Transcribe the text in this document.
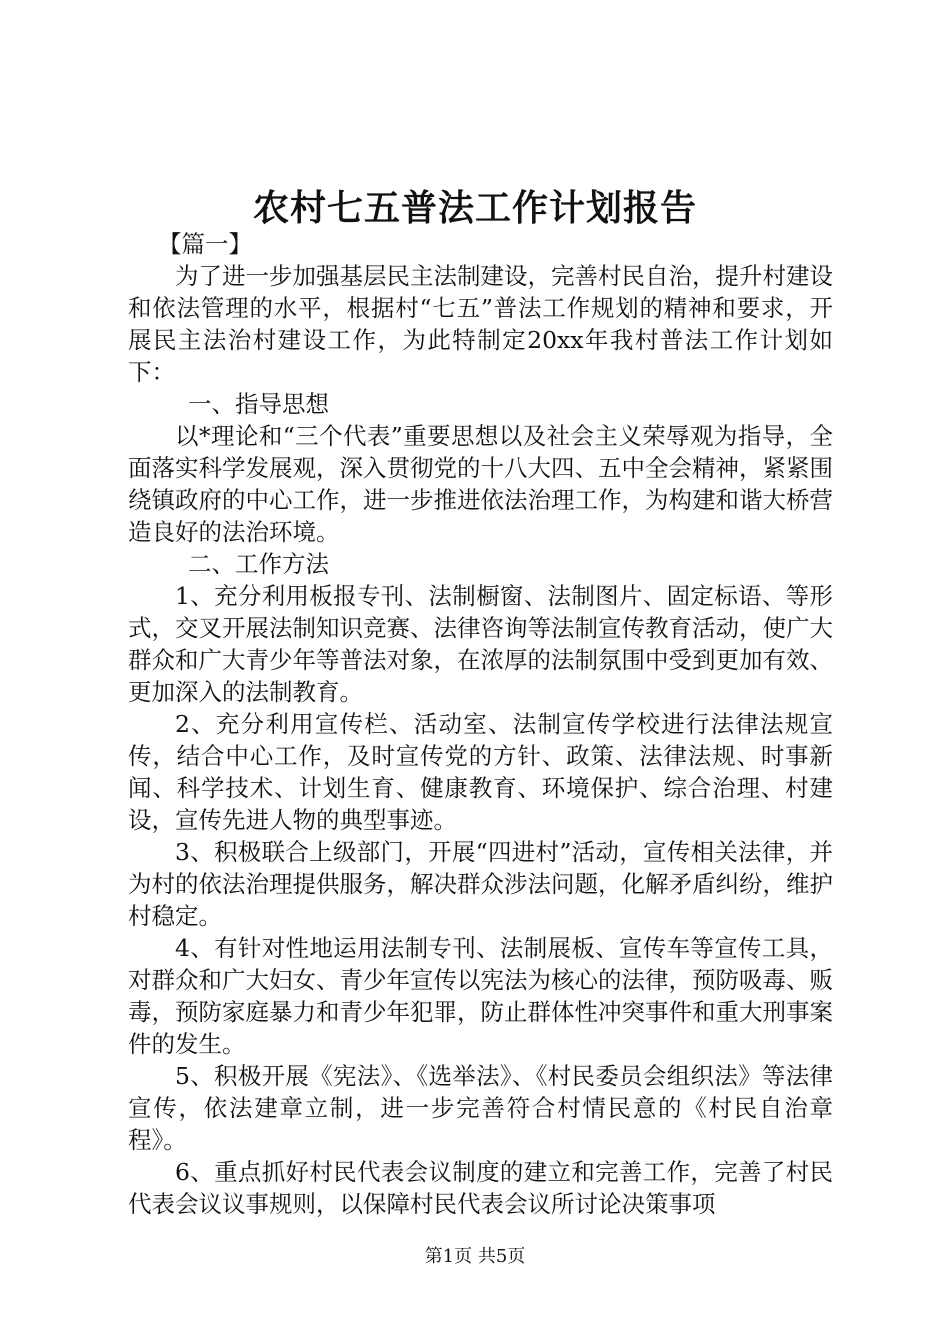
农村七五普法工作计划报告

【篇一】

为了进一步加强基层民主法制建设，完善村民自治，提升村建设和依法管理的水平，根据村“七五”普法工作规划的精神和要求，开展民主法治村建设工作，为此特制定20xx年我村普法工作计划如下：

一、指导思想

以*理论和“三个代表”重要思想以及社会主义荣辱观为指导，全面落实科学发展观，深入贯彻党的十八大四、五中全会精神，紧紧围绕镇政府的中心工作，进一步推进依法治理工作，为构建和谐大桥营造良好的法治环境。

二、工作方法

1、充分利用板报专刊、法制橱窗、法制图片、固定标语、等形式，交叉开展法制知识竞赛、法律咨询等法制宣传教育活动，使广大群众和广大青少年等普法对象，在浓厚的法制氛围中受到更加有效、更加深入的法制教育。

2、充分利用宣传栏、活动室、法制宣传学校进行法律法规宣传，结合中心工作，及时宣传党的方针、政策、法律法规、时事新闻、科学技术、计划生育、健康教育、环境保护、综合治理、村建设，宣传先进人物的典型事迹。

3、积极联合上级部门，开展“四进村”活动，宣传相关法律，并为村的依法治理提供服务，解决群众涉法问题，化解矛盾纠纷，维护村稳定。

4、有针对性地运用法制专刊、法制展板、宣传车等宣传工具，对群众和广大妇女、青少年宣传以宪法为核心的法律，预防吸毒、贩毒，预防家庭暴力和青少年犯罪，防止群体性冲突事件和重大刑事案件的发生。

5、积极开展《宪法》、《选举法》、《村民委员会组织法》等法律宣传，依法建章立制，进一步完善符合村情民意的《村民自治章程》。

6、重点抓好村民代表会议制度的建立和完善工作，完善了村民代表会议议事规则，以保障村民代表会议所讨论决策事项

第1页 共5页
